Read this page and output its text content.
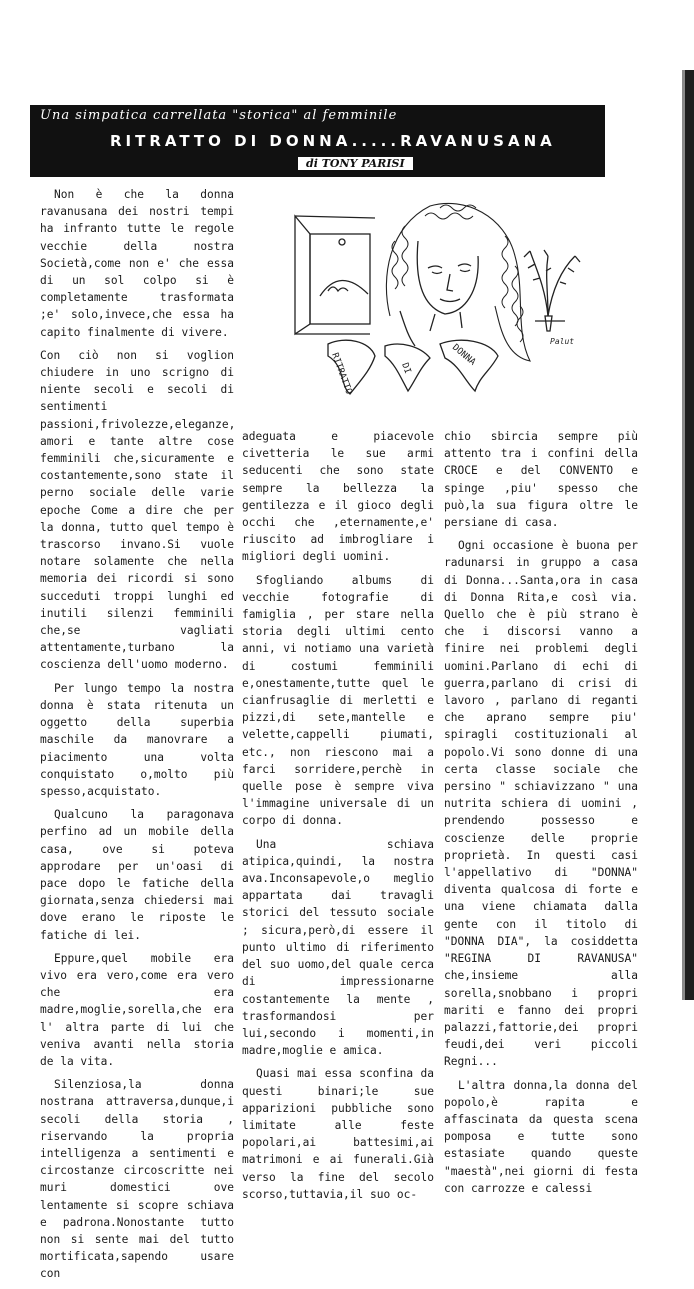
Una simpatica carrellata "storica" al femminile
RITRATTO DI DONNA.....RAVANUSANA
di TONY PARISI
RITRATTO	DI
DONNA
Palut

Non è che la donna ravanusana dei nostri tempi ha infranto tutte le regole vecchie della nostra Società,come non e' che essa di un sol colpo si è completamente trasformata ;e' solo,invece,che essa ha capito finalmente di vivere.

Con ciò non si voglion chiudere in uno scrigno di niente secoli e secoli di sentimenti passioni,frivolezze,eleganze, amori e tante altre cose femminili che,sicuramente e costantemente,sono state il perno sociale delle varie epoche Come a dire che per la donna, tutto quel tempo è trascorso invano.Si vuole notare solamente che nella memoria dei ricordi si sono succeduti troppi lunghi ed inutili silenzi femminili che,se vagliati attentamente,turbano la coscienza dell'uomo moderno.

Per lungo tempo la nostra donna è stata ritenuta un oggetto della superbia maschile da manovrare a piacimento una volta conquistato o,molto più spesso,acquistato.

Qualcuno la paragonava perfino ad un mobile della casa, ove si poteva approdare per un'oasi di pace dopo le fatiche della giornata,senza chiedersi mai dove erano le riposte le fatiche di lei.

Eppure,quel mobile era vivo era vero,come era vero che era madre,moglie,sorella,che era l' altra parte di lui che veniva avanti nella storia de la vita.

Silenziosa,la donna nostrana attraversa,dunque,i secoli della storia , riservando la propria intelligenza a sentimenti e circostanze circoscritte nei muri domestici ove lentamente si scopre schiava e padrona.Nonostante tutto non si sente mai del tutto mortificata,sapendo usare con

adeguata e piacevole civetteria le sue armi seducenti che sono state sempre la bellezza la gentilezza e il gioco degli occhi che ,eternamente,e' riuscito ad imbrogliare i migliori degli uomini.

Sfogliando albums di vecchie fotografie di famiglia , per stare nella storia degli ultimi cento anni, vi notiamo una varietà di costumi femminili e,onestamente,tutte quel le cianfrusaglie di merletti e pizzi,di sete,mantelle e velette,cappelli piumati, etc., non riescono mai a farci sorridere,perchè in quelle pose è sempre viva l'immagine universale di un corpo di donna.

Una schiava atipica,quindi, la nostra ava.Inconsapevole,o meglio appartata dai travagli storici del tessuto sociale ; sicura,però,di essere il punto ultimo di riferimento del suo uomo,del quale cerca di impressionarne costantemente la mente , trasformandosi per lui,secondo i momenti,in madre,moglie e amica.

Quasi mai essa sconfina da questi binari;le sue apparizioni pubbliche sono limitate alle feste popolari,ai battesimi,ai matrimoni e ai funerali.Già verso la fine del secolo scorso,tuttavia,il suo oc-

chio sbircia sempre più attento tra i confini della CROCE e del CONVENTO e spinge ,piu' spesso che può,la sua figura oltre le persiane di casa.

Ogni occasione è buona per radunarsi in gruppo a casa di Donna...Santa,ora in casa di Donna Rita,e così via. Quello che è più strano è che i discorsi vanno a finire nei problemi degli uomini.Parlano di echi di guerra,parlano di crisi di lavoro , parlano di reganti che aprano sempre piu' spiragli costituzionali al popolo.Vi sono donne di una certa classe sociale che persino " schiavizzano " una nutrita schiera di uomini , prendendo possesso e coscienze delle proprie proprietà. In questi casi l'appellativo di "DONNA" diventa qualcosa di forte e una viene chiamata dalla gente con il titolo di "DONNA DIA", la cosiddetta "REGINA DI RAVANUSA" che,insieme alla sorella,snobbano i propri mariti e fanno dei propri palazzi,fattorie,dei propri feudi,dei veri piccoli Regni...

L'altra donna,la donna del popolo,è rapita e affascinata da questa scena pomposa e tutte sono estasiate quando queste "maestà",nei giorni di festa con carrozze e calessi
